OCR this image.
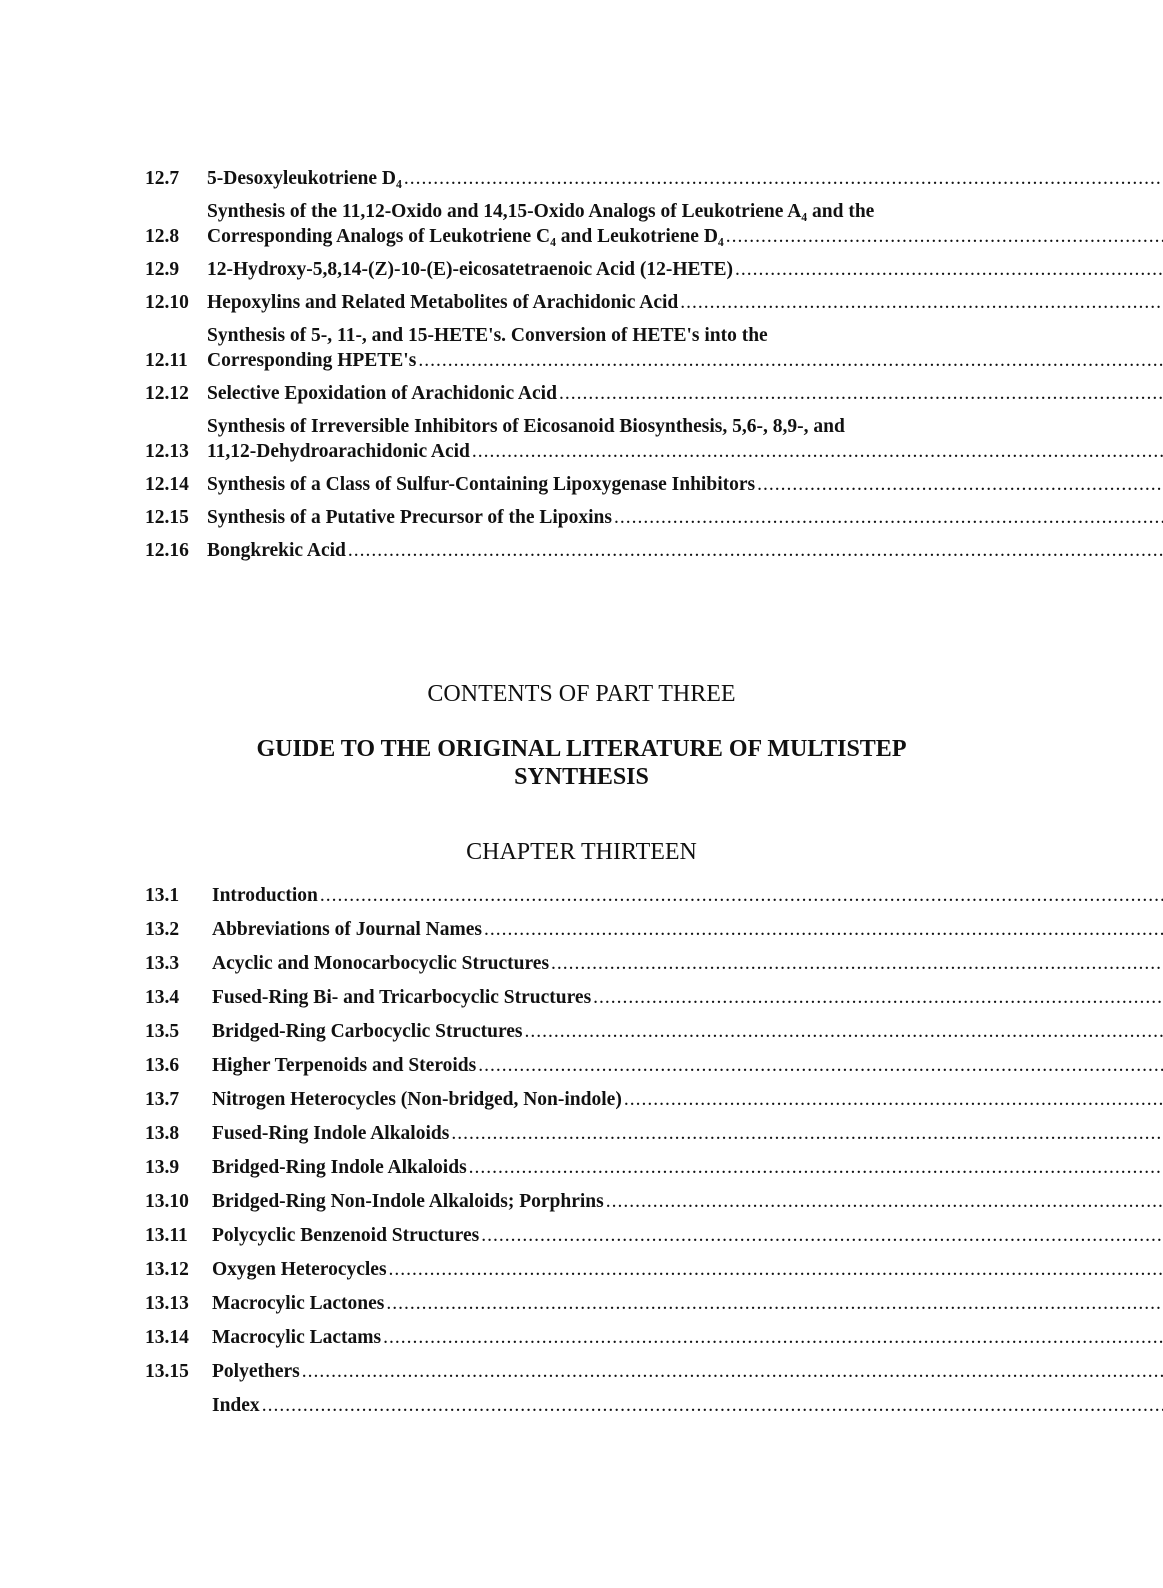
12.7	5-Desoxyleukotriene D₄
.....
12.8
Synthesis of the 11,12-Oxido and 14,15-Oxido Analogs of Leukotriene A₄ and the
Corresponding Analogs of Leukotriene C₄ and Leukotriene D₄
.....
12.9	12-Hydroxy-5,8,14-(Z)-10-(E)-eicosatetraenoic Acid (12-HETE)
.....
12.10 Hepoxylins and Related Metabolites of Arachidonic Acid
.....
12.11
Synthesis of 5-, 11-, and 15-HETE's. Conversion of HETE's into the
Corresponding HPETE's
.....
12.12 Selective Epoxidation of Arachidonic Acid
.....
12.13
Synthesis of Irreversible Inhibitors of Eicosanoid Biosynthesis, 5,6-, 8,9-, and
11,12-Dehydroarachidonic Acid
.....
12.14 Synthesis of a Class of Sulfur-Containing Lipoxygenase Inhibitors
.....
12.15 Synthesis of a Putative Precursor of the Lipoxins
.....
12.16 Bongkrekic Acid
.....
CONTENTS OF PART THREE
GUIDE TO THE ORIGINAL LITERATURE OF MULTISTEP
SYNTHESIS
CHAPTER THIRTEEN
13.1	Introduction
.....
13.2	Abbreviations of Journal Names
.....
13.3	Acyclic and Monocarbocyclic Structures
.....
13.4	Fused-Ring Bi- and Tricarbocyclic Structures
.....
13.5	Bridged-Ring Carbocyclic Structures
.....
13.6	Higher Terpenoids and Steroids
.....
13.7	Nitrogen Heterocycles (Non-bridged, Non-indole)
.....
13.8	Fused-Ring Indole Alkaloids
.....
13.9	Bridged-Ring Indole Alkaloids
.....
13.10	Bridged-Ring Non-Indole Alkaloids; Porphrins
.....
13.11	Polycyclic Benzenoid Structures
.....
13.12	Oxygen Heterocycles
.....
13.13	Macrocylic Lactones
.....
13.14	Macrocylic Lactams
.....
13.15	Polyethers
.....
Index
.....
